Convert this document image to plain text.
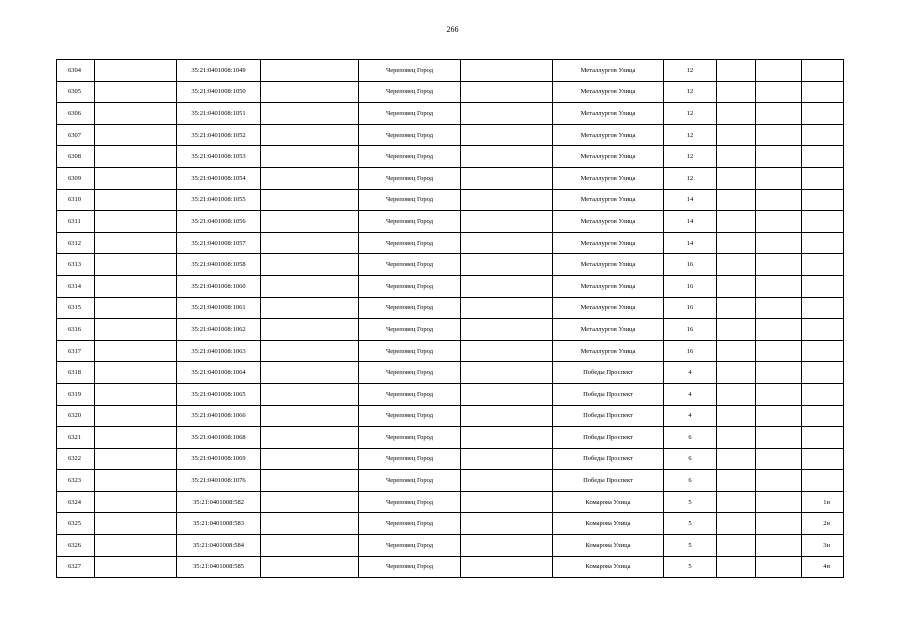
266
6304		35:21:0401008:1049		Череповец Город		Металлургов Улица	12			
6305		35:21:0401008:1050		Череповец Город		Металлургов Улица	12			
6306		35:21:0401008:1051		Череповец Город		Металлургов Улица	12			
6307		35:21:0401008:1052		Череповец Город		Металлургов Улица	12			
6308		35:21:0401008:1053		Череповец Город		Металлургов Улица	12			
6309		35:21:0401008:1054		Череповец Город		Металлургов Улица	12			
6310		35:21:0401008:1055		Череповец Город		Металлургов Улица	14			
6311		35:21:0401008:1056		Череповец Город		Металлургов Улица	14			
6312		35:21:0401008:1057		Череповец Город		Металлургов Улица	14			
6313		35:21:0401008:1058		Череповец Город		Металлургов Улица	16			
6314		35:21:0401008:1060		Череповец Город		Металлургов Улица	16			
6315		35:21:0401008:1061		Череповец Город		Металлургов Улица	16			
6316		35:21:0401008:1062		Череповец Город		Металлургов Улица	16			
6317		35:21:0401008:1063		Череповец Город		Металлургов Улица	16			
6318		35:21:0401008:1064		Череповец Город		Победы Проспект	4			
6319		35:21:0401008:1065		Череповец Город		Победы Проспект	4			
6320		35:21:0401008:1066		Череповец Город		Победы Проспект	4			
6321		35:21:0401008:1068		Череповец Город		Победы Проспект	6			
6322		35:21:0401008:1069		Череповец Город		Победы Проспект	6			
6323		35:21:0401008:1076		Череповец Город		Победы Проспект	6			
6324		35:21:0401008:582		Череповец Город		Комарова Улица	5			1н
6325		35:21:0401008:583		Череповец Город		Комарова Улица	5			2н
6326		35:21:0401008:584		Череповец Город		Комарова Улица	5			3н
6327		35:21:0401008:585		Череповец Город		Комарова Улица	5			4н
